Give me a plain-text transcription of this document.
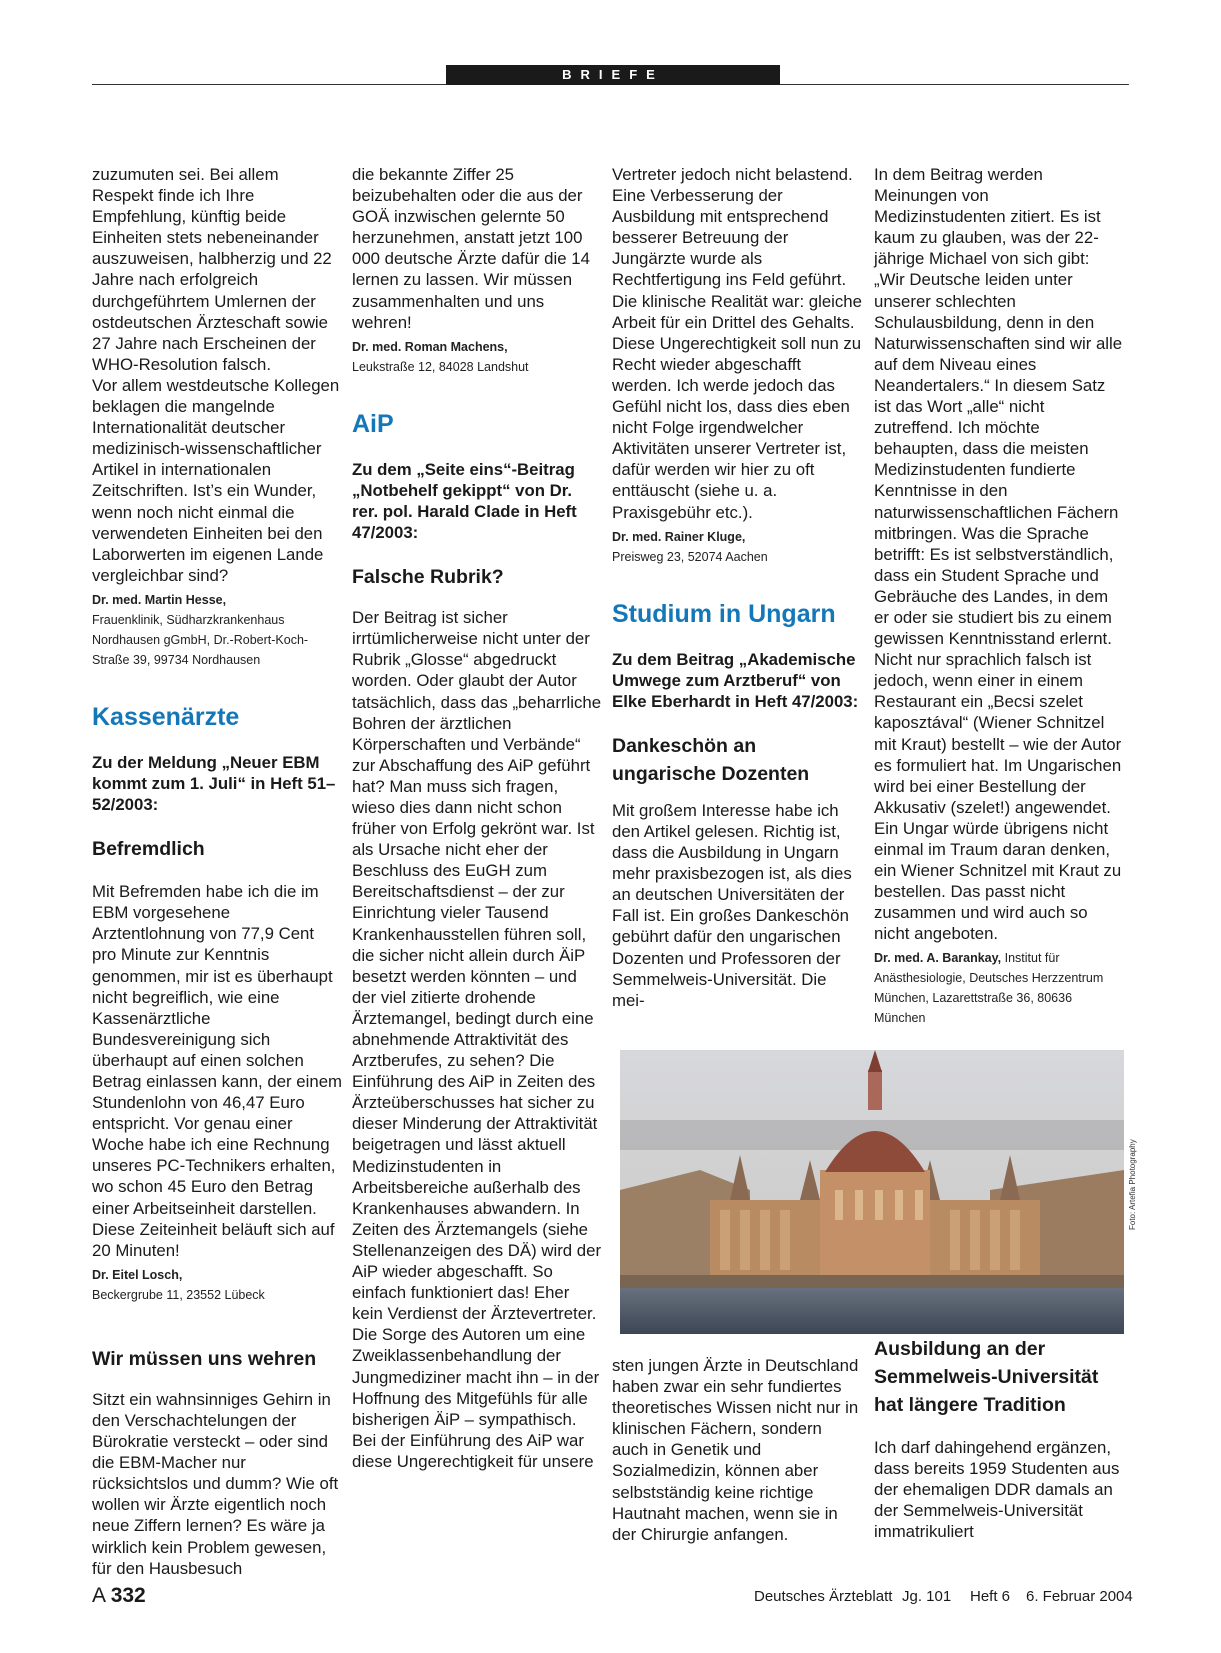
BRIEFE

zuzumuten sei. Bei allem Respekt finde ich Ihre Empfehlung, künftig beide Einheiten stets nebeneinander auszuweisen, halbherzig und 22 Jahre nach erfolgreich durchgeführtem Umlernen der ostdeutschen Ärzteschaft sowie 27 Jahre nach Erscheinen der WHO-Resolution falsch.

Vor allem westdeutsche Kollegen beklagen die mangelnde Internationalität deutscher medizinisch-wissenschaftlicher Artikel in internationalen Zeitschriften. Ist’s ein Wunder, wenn noch nicht einmal die verwendeten Einheiten bei den Laborwerten im eigenen Lande vergleichbar sind?

Dr. med. Martin Hesse,
Frauenklinik, Südharzkrankenhaus Nordhausen gGmbH, Dr.-Robert-Koch-Straße 39, 99734 Nordhausen
Kassenärzte

Zu der Meldung „Neuer EBM kommt zum 1. Juli“ in Heft 51–52/2003:

Befremdlich

Mit Befremden habe ich die im EBM vorgesehene Arztentlohnung von 77,9 Cent pro Minute zur Kenntnis genommen, mir ist es überhaupt nicht begreiflich, wie eine Kassenärztliche Bundesvereinigung sich überhaupt auf einen solchen Betrag einlassen kann, der einem Stundenlohn von 46,47 Euro entspricht. Vor genau einer Woche habe ich eine Rechnung unseres PC-Technikers erhalten, wo schon 45 Euro den Betrag einer Arbeitseinheit darstellen. Diese Zeiteinheit beläuft sich auf 20 Minuten!

Dr. Eitel Losch,
Beckergrube 11, 23552 Lübeck
Wir müssen uns wehren

Sitzt ein wahnsinniges Gehirn in den Verschachtelungen der Bürokratie versteckt – oder sind die EBM-Macher nur rücksichtslos und dumm? Wie oft wollen wir Ärzte eigentlich noch neue Ziffern lernen? Es wäre ja wirklich kein Problem gewesen, für den Hausbesuch

die bekannte Ziffer 25 beizubehalten oder die aus der GOÄ inzwischen gelernte 50 herzunehmen, anstatt jetzt 100 000 deutsche Ärzte dafür die 14 lernen zu lassen. Wir müssen zusammenhalten und uns wehren!

Dr. med. Roman Machens,
Leukstraße 12, 84028 Landshut
AiP

Zu dem „Seite eins“-Beitrag „Notbehelf gekippt“ von Dr. rer. pol. Harald Clade in Heft 47/2003:

Falsche Rubrik?

Der Beitrag ist sicher irrtümlicherweise nicht unter der Rubrik „Glosse“ abgedruckt worden. Oder glaubt der Autor tatsächlich, dass das „beharrliche Bohren der ärztlichen Körperschaften und Verbände“ zur Abschaffung des AiP geführt hat? Man muss sich fragen, wieso dies dann nicht schon früher von Erfolg gekrönt war. Ist als Ursache nicht eher der Beschluss des EuGH zum Bereitschaftsdienst – der zur Einrichtung vieler Tausend Krankenhausstellen führen soll, die sicher nicht allein durch ÄiP besetzt werden könnten – und der viel zitierte drohende Ärztemangel, bedingt durch eine abnehmende Attraktivität des Arztberufes, zu sehen? Die Einführung des AiP in Zeiten des Ärzteüberschusses hat sicher zu dieser Minderung der Attraktivität beigetragen und lässt aktuell Medizinstudenten in Arbeitsbereiche außerhalb des Krankenhauses abwandern. In Zeiten des Ärztemangels (siehe Stellenanzeigen des DÄ) wird der AiP wieder abgeschafft. So einfach funktioniert das! Eher kein Verdienst der Ärztevertreter. Die Sorge des Autoren um eine Zweiklassenbehandlung der Jungmediziner macht ihn – in der Hoffnung des Mitgefühls für alle bisherigen ÄiP – sympathisch. Bei der Einführung des AiP war diese Ungerechtigkeit für unsere

Vertreter jedoch nicht belastend. Eine Verbesserung der Ausbildung mit entsprechend besserer Betreuung der Jungärzte wurde als Rechtfertigung ins Feld geführt. Die klinische Realität war: gleiche Arbeit für ein Drittel des Gehalts. Diese Ungerechtigkeit soll nun zu Recht wieder abgeschafft werden. Ich werde jedoch das Gefühl nicht los, dass dies eben nicht Folge irgendwelcher Aktivitäten unserer Vertreter ist, dafür werden wir hier zu oft enttäuscht (siehe u. a. Praxisgebühr etc.).

Dr. med. Rainer Kluge,
Preisweg 23, 52074 Aachen
Studium in Ungarn

Zu dem Beitrag „Akademische Umwege zum Arztberuf“ von Elke Eberhardt in Heft 47/2003:

Dankeschön an ungarische Dozenten

Mit großem Interesse habe ich den Artikel gelesen. Richtig ist, dass die Ausbildung in Ungarn mehr praxisbezogen ist, als dies an deutschen Universitäten der Fall ist. Ein großes Dankeschön gebührt dafür den ungarischen Dozenten und Professoren der Semmelweis-Universität. Die mei-

sten jungen Ärzte in Deutschland haben zwar ein sehr fundiertes theoretisches Wissen nicht nur in klinischen Fächern, sondern auch in Genetik und Sozialmedizin, können aber selbstständig keine richtige Hautnaht machen, wenn sie in der Chirurgie anfangen.

In dem Beitrag werden Meinungen von Medizinstudenten zitiert. Es ist kaum zu glauben, was der 22-jährige Michael von sich gibt: „Wir Deutsche leiden unter unserer schlechten Schulausbildung, denn in den Naturwissenschaften sind wir alle auf dem Niveau eines Neandertalers.“ In diesem Satz ist das Wort „alle“ nicht zutreffend. Ich möchte behaupten, dass die meisten Medizinstudenten fundierte Kenntnisse in den naturwissenschaftlichen Fächern mitbringen. Was die Sprache betrifft: Es ist selbstverständlich, dass ein Student Sprache und Gebräuche des Landes, in dem er oder sie studiert bis zu einem gewissen Kenntnisstand erlernt. Nicht nur sprachlich falsch ist jedoch, wenn einer in einem Restaurant ein „Becsi szelet kaposztával“ (Wiener Schnitzel mit Kraut) bestellt – wie der Autor es formuliert hat. Im Ungarischen wird bei einer Bestellung der Akkusativ (szelet!) angewendet. Ein Ungar würde übrigens nicht einmal im Traum daran denken, ein Wiener Schnitzel mit Kraut zu bestellen. Das passt nicht zusammen und wird auch so nicht angeboten.

Dr. med. A. Barankay, Institut für Anästhesiologie, Deutsches Herzzentrum München, Lazarettstraße 36, 80636 München
Ausbildung an der Semmelweis-Universität hat längere Tradition

Ich darf dahingehend ergänzen, dass bereits 1959 Studenten aus der ehemaligen DDR damals an der Semmelweis-Universität immatrikuliert

Foto: Artefia Photography
A 332	Deutsches Ärzteblatt Jg. 101 Heft 6 6. Februar 2004
